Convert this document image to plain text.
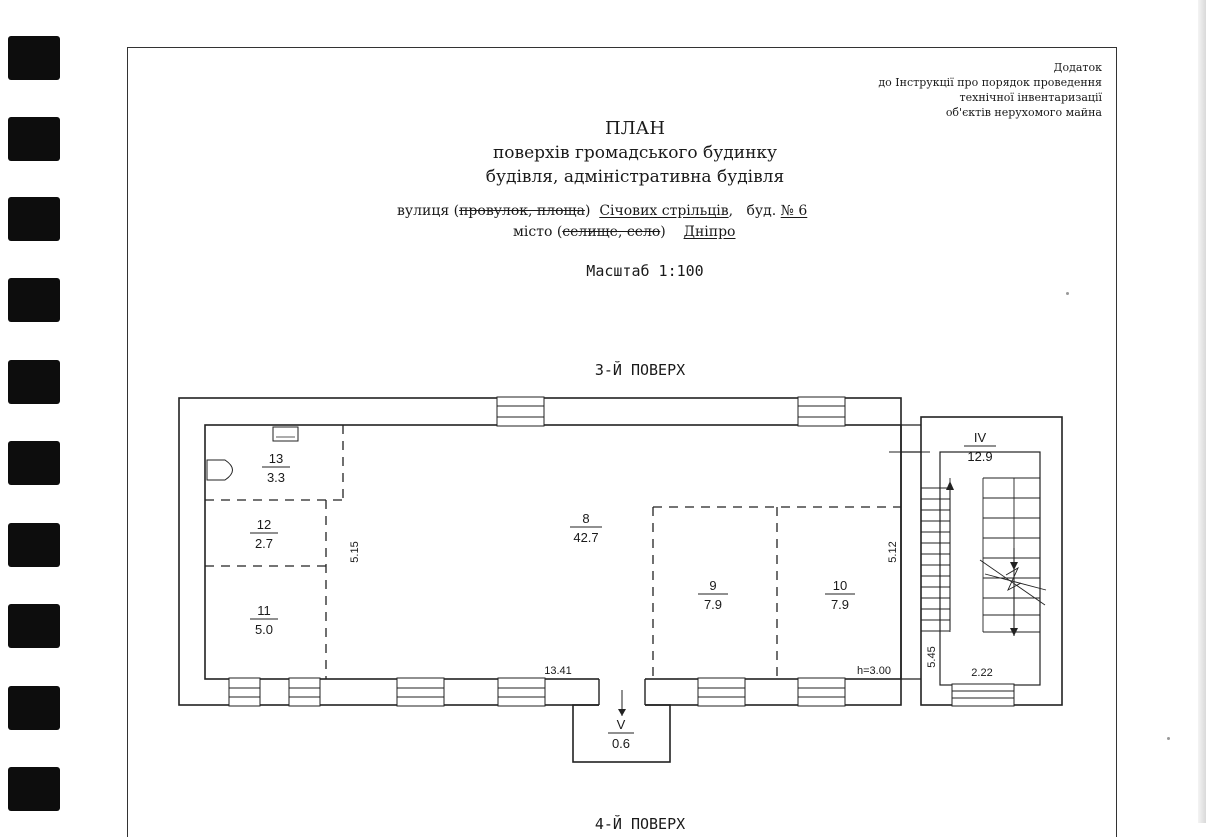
Додаток
до Інструкції про порядок проведення
технічної інвентаризації
об'єктів нерухомого майна
ПЛАН
поверхів громадського будинку
будівля, адміністративна будівля
вулиця (провулок, площа) Січових стрільців,   буд. № 6
місто (селище, село) Дніпро
Масштаб 1:100
3-Й ПОВЕРХ
4-Й ПОВЕРХ
13
3.3
12
2.7
11
5.0
8
42.7
9
7.9
10
7.9
IV
12.9
V
0.6
13.41	h=3.00	2.22
5.15	5.12
5.45
